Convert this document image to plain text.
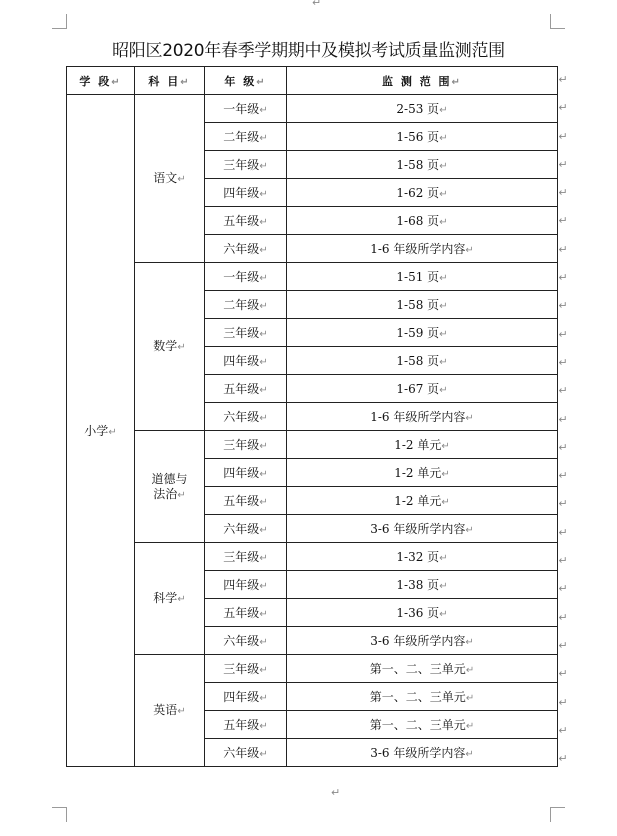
↵
昭阳区2020年春季学期期中及模拟考试质量监测范围
学 段↵	科 目↵	年 级↵	监 测 范 围↵
小学↵	语文↵	一年级↵	2-53 页↵
		二年级↵	1-56 页↵
		三年级↵	1-58 页↵
		四年级↵	1-62 页↵
		五年级↵	1-68 页↵
		六年级↵	1-6 年级所学内容↵
	数学↵	一年级↵	1-51 页↵
		二年级↵	1-58 页↵
		三年级↵	1-59 页↵
		四年级↵	1-58 页↵
		五年级↵	1-67 页↵
		六年级↵	1-6 年级所学内容↵
	道德与
法治↵	三年级↵	1-2 单元↵
		四年级↵	1-2 单元↵
		五年级↵	1-2 单元↵
		六年级↵	3-6 年级所学内容↵
	科学↵	三年级↵	1-32 页↵
		四年级↵	1-38 页↵
		五年级↵	1-36 页↵
		六年级↵	3-6 年级所学内容↵
	英语↵	三年级↵	第一、二、三单元↵
		四年级↵	第一、二、三单元↵
		五年级↵	第一、二、三单元↵
		六年级↵	3-6 年级所学内容↵
↵
↵
↵
↵
↵
↵
↵
↵
↵
↵
↵
↵
↵
↵
↵
↵
↵
↵
↵
↵
↵
↵
↵
↵
↵
↵
